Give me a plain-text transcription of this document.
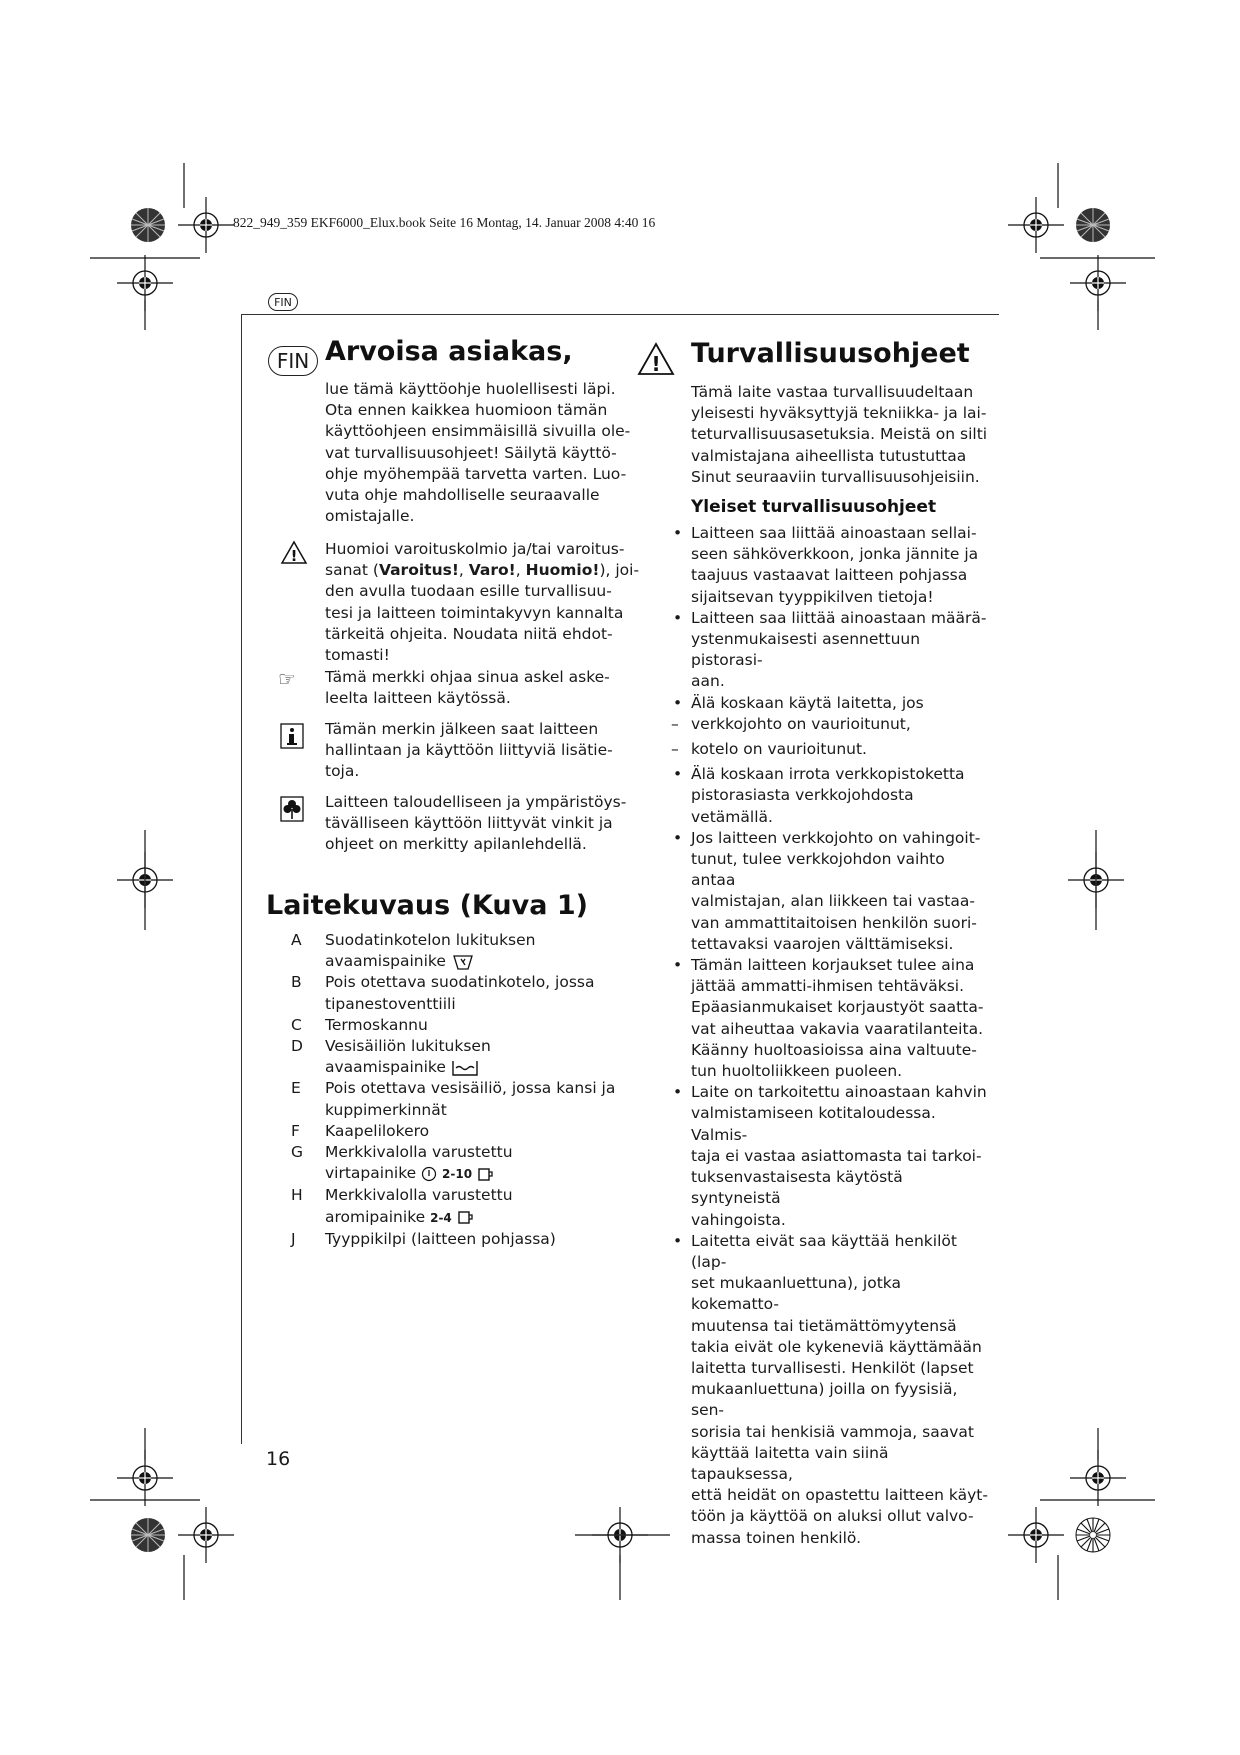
822_949_359 EKF6000_Elux.book Seite 16 Montag, 14. Januar 2008 4:40 16
FIN
FIN Arvoisa asiakas,

lue tämä käyttöohje huolellisesti läpi.

Ota ennen kaikkea huomioon tämän

käyttöohjeen ensimmäisillä sivuilla ole-

vat turvallisuusohjeet! Säilytä käyttö-

ohje myöhempää tarvetta varten. Luo-

vuta ohje mahdolliselle seuraavalle

omistajalle.

! Huomioi varoituskolmio ja/tai varoitus-

sanat (Varoitus!, Varo!, Huomio!), joi-

den avulla tuodaan esille turvallisuu-

tesi ja laitteen toimintakyvyn kannalta

tärkeitä ohjeita. Noudata niitä ehdot-

tomasti!

☞ Tämä merkki ohjaa sinua askel aske-

leelta laitteen käytössä.

Tämän merkin jälkeen saat laitteen

hallintaan ja käyttöön liittyviä lisätie-

toja.

Laitteen taloudelliseen ja ympäristöys-

tävälliseen käyttöön liittyvät vinkit ja

ohjeet on merkitty apilanlehdellä.

Laitekuvaus (Kuva 1)
A	Suodatinkotelon lukituksen

avaamispainike

B	Pois otettava suodatinkotelo, jossa

tipanestoventtiili

C	Termoskannu

D	Vesisäiliön lukituksen

avaamispainike

E	Pois otettava vesisäiliö, jossa kansi ja

kuppimerkinnät

F	Kaapelilokero

G	Merkkivalolla varustettu

virtapainike 2-10

H	Merkkivalolla varustettu

aromipainike 2-4

J	Tyyppikilpi (laitteen pohjassa)

! Turvallisuusohjeet

Tämä laite vastaa turvallisuudeltaan

yleisesti hyväksyttyjä tekniikka- ja lai-

teturvallisuusasetuksia. Meistä on silti

valmistajana aiheellista tutustuttaa

Sinut seuraaviin turvallisuusohjeisiin.

Yleiset turvallisuusohjeet

• Laitteen saa liittää ainoastaan sellai-

seen sähköverkkoon, jonka jännite ja

taajuus vastaavat laitteen pohjassa

sijaitsevan tyyppikilven tietoja!

• Laitteen saa liittää ainoastaan määrä-

ystenmukaisesti asennettuun pistorasi-

aan.

• Älä koskaan käytä laitetta, jos

– verkkojohto on vaurioitunut,

– kotelo on vaurioitunut.

• Älä koskaan irrota verkkopistoketta

pistorasiasta verkkojohdosta vetämällä.

• Jos laitteen verkkojohto on vahingoit-

tunut, tulee verkkojohdon vaihto antaa

valmistajan, alan liikkeen tai vastaa-

van ammattitaitoisen henkilön suori-

tettavaksi vaarojen välttämiseksi.

• Tämän laitteen korjaukset tulee aina

jättää ammatti-ihmisen tehtäväksi.

Epäasianmukaiset korjaustyöt saatta-

vat aiheuttaa vakavia vaaratilanteita.

Käänny huoltoasioissa aina valtuute-

tun huoltoliikkeen puoleen.

• Laite on tarkoitettu ainoastaan kahvin

valmistamiseen kotitaloudessa. Valmis-

taja ei vastaa asiattomasta tai tarkoi-

tuksenvastaisesta käytöstä syntyneistä

vahingoista.

• Laitetta eivät saa käyttää henkilöt (lap-

set mukaanluettuna), jotka kokematto-

muutensa tai tietämättömyytensä

takia eivät ole kykeneviä käyttämään

laitetta turvallisesti. Henkilöt (lapset

mukaanluettuna) joilla on fyysisiä, sen-

sorisia tai henkisiä vammoja, saavat

käyttää laitetta vain siinä tapauksessa,

että heidät on opastettu laitteen käyt-

töön ja käyttöä on aluksi ollut valvo-

massa toinen henkilö.

16
